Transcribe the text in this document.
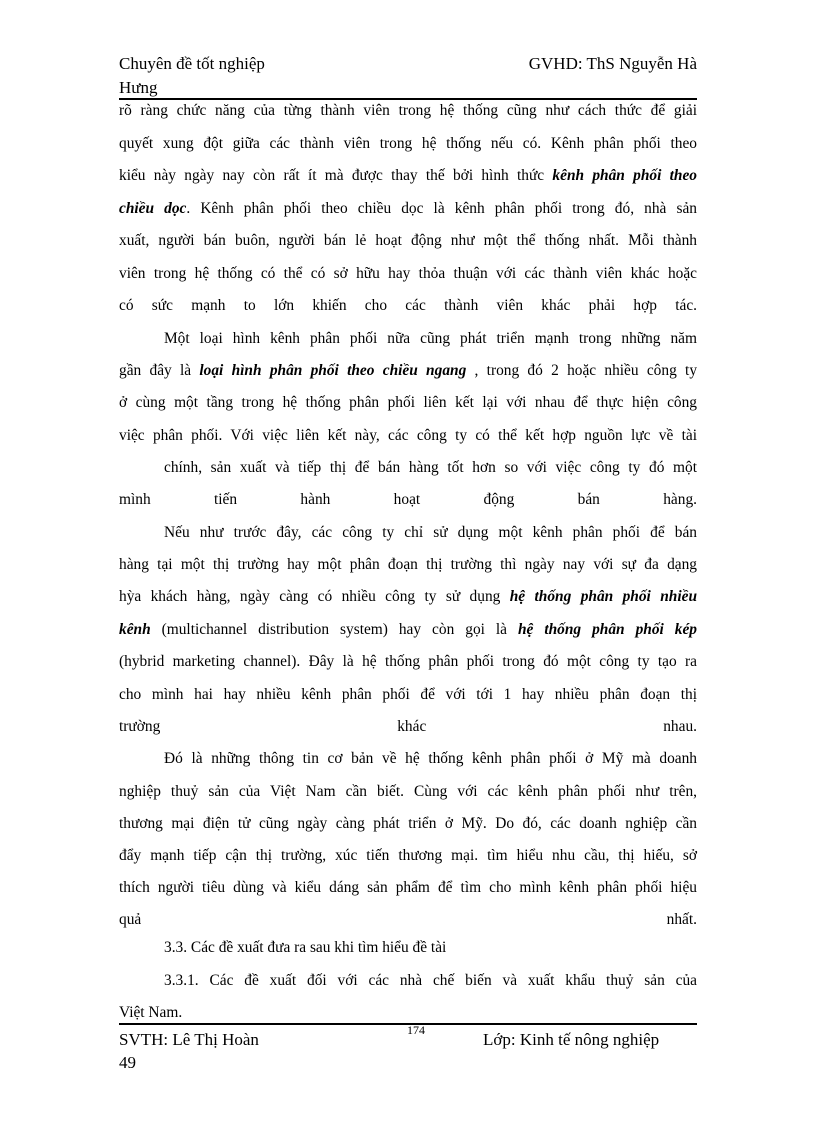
Chuyên đề tốt nghiệp	GVHD: ThS Nguyễn Hà
Hưng
rõ ràng chức năng của từng thành viên trong hệ thống cũng như cách thức để giải
quyết xung đột giữa các thành viên trong hệ thống nếu có. Kênh phân phối theo
kiểu này ngày nay còn rất ít mà được thay thế bởi hình thức kênh phân phối theo
chiều dọc. Kênh phân phối theo chiều dọc là kênh phân phối trong đó, nhà sản
xuất, người bán buôn, người bán lẻ hoạt động như một thể thống nhất. Mỗi thành
viên trong hệ thống có thể có sở hữu hay thỏa thuận với các thành viên khác hoặc
có sức mạnh to lớn khiến cho các thành viên khác phải hợp tác.
Một loại hình kênh phân phối nữa cũng phát triển mạnh trong những năm
gần đây là loại hình phân phối theo chiều ngang , trong đó 2 hoặc nhiều công ty
ở cùng một tầng trong hệ thống phân phối liên kết lại với nhau để thực hiện công
việc phân phối. Với việc liên kết này, các công ty có thể kết hợp nguồn lực về tài
chính, sản xuất và tiếp thị để bán hàng tốt hơn so với việc công ty đó một
mình tiến hành hoạt động bán hàng.
Nếu như trước đây, các công ty chỉ sử dụng một kênh phân phối để bán
hàng tại một thị trường hay một phân đoạn thị trường thì ngày nay với sự đa dạng
hỳa khách hàng, ngày càng có nhiều công ty sử dụng hệ thống phân phối nhiều
kênh (multichannel distribution system) hay còn gọi là hệ thống phân phối kép
(hybrid marketing channel). Đây là hệ thống phân phối trong đó một công ty tạo ra
cho mình hai hay nhiều kênh phân phối để với tới 1 hay nhiều phân đoạn thị
trường khác nhau.
Đó là những thông tin cơ bản về hệ thống kênh phân phối ở Mỹ mà doanh
nghiệp thuỷ sản của Việt Nam cần biết. Cùng với các kênh phân phối như trên,
thương mại điện tử cũng ngày càng phát triển ở Mỹ. Do đó, các doanh nghiệp cần
đẩy mạnh tiếp cận thị trường, xúc tiến thương mại. tìm hiểu nhu cầu, thị hiếu, sở
thích người tiêu dùng và kiểu dáng sản phẩm để tìm cho mình kênh phân phối hiệu
quả nhất.
3.3. Các đề xuất đưa ra sau khi tìm hiểu đề tài
3.3.1. Các đề xuất đối với các nhà chế biến và xuất khẩu thuỷ sản của
Việt Nam.
174
SVTH: Lê Thị Hoàn
49
Lớp: Kinh tế nông nghiệp
